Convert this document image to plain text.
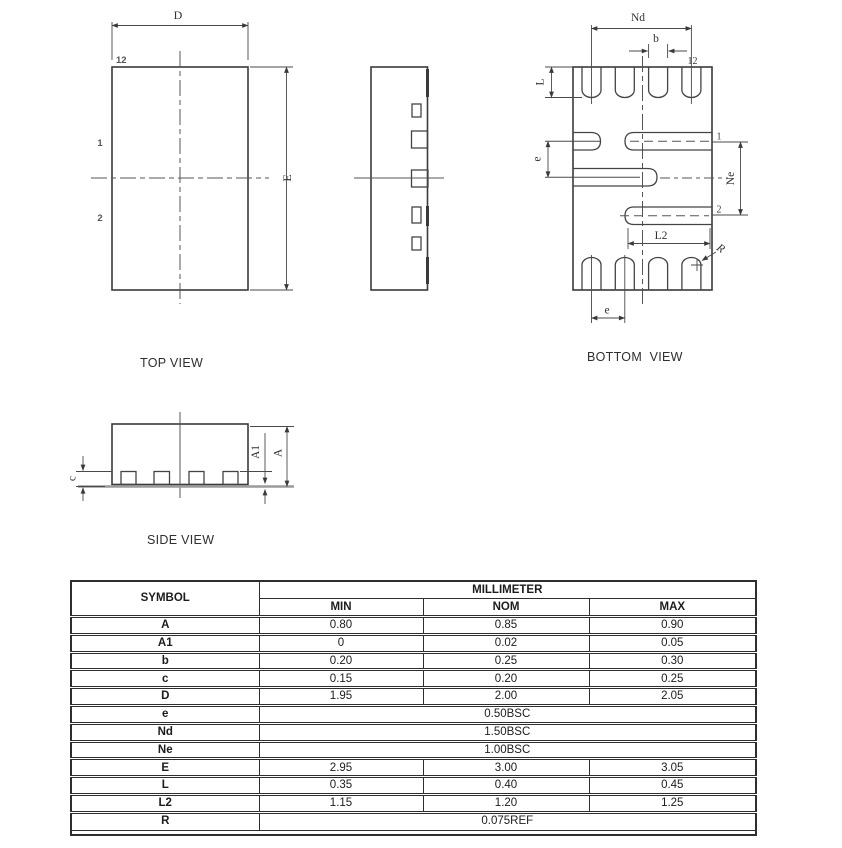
D
E
12
1
2
Nd
b
L
e
Ne
L2
R
e
12
1
2
c
A1 A
TOP VIEW	BOTTOM  VIEW
SIDE VIEW
SYMBOL	MILLIMETER		
	MIN	NOM	MAX
A	0.80	0.85	0.90
A1	0	0.02	0.05
b	0.20	0.25	0.30
c	0.15	0.20	0.25
D	1.95	2.00	2.05
e	0.50BSC		
Nd	1.50BSC		
Ne	1.00BSC		
E	2.95	3.00	3.05
L	0.35	0.40	0.45
L2	1.15	1.20	1.25
R	0.075REF		
